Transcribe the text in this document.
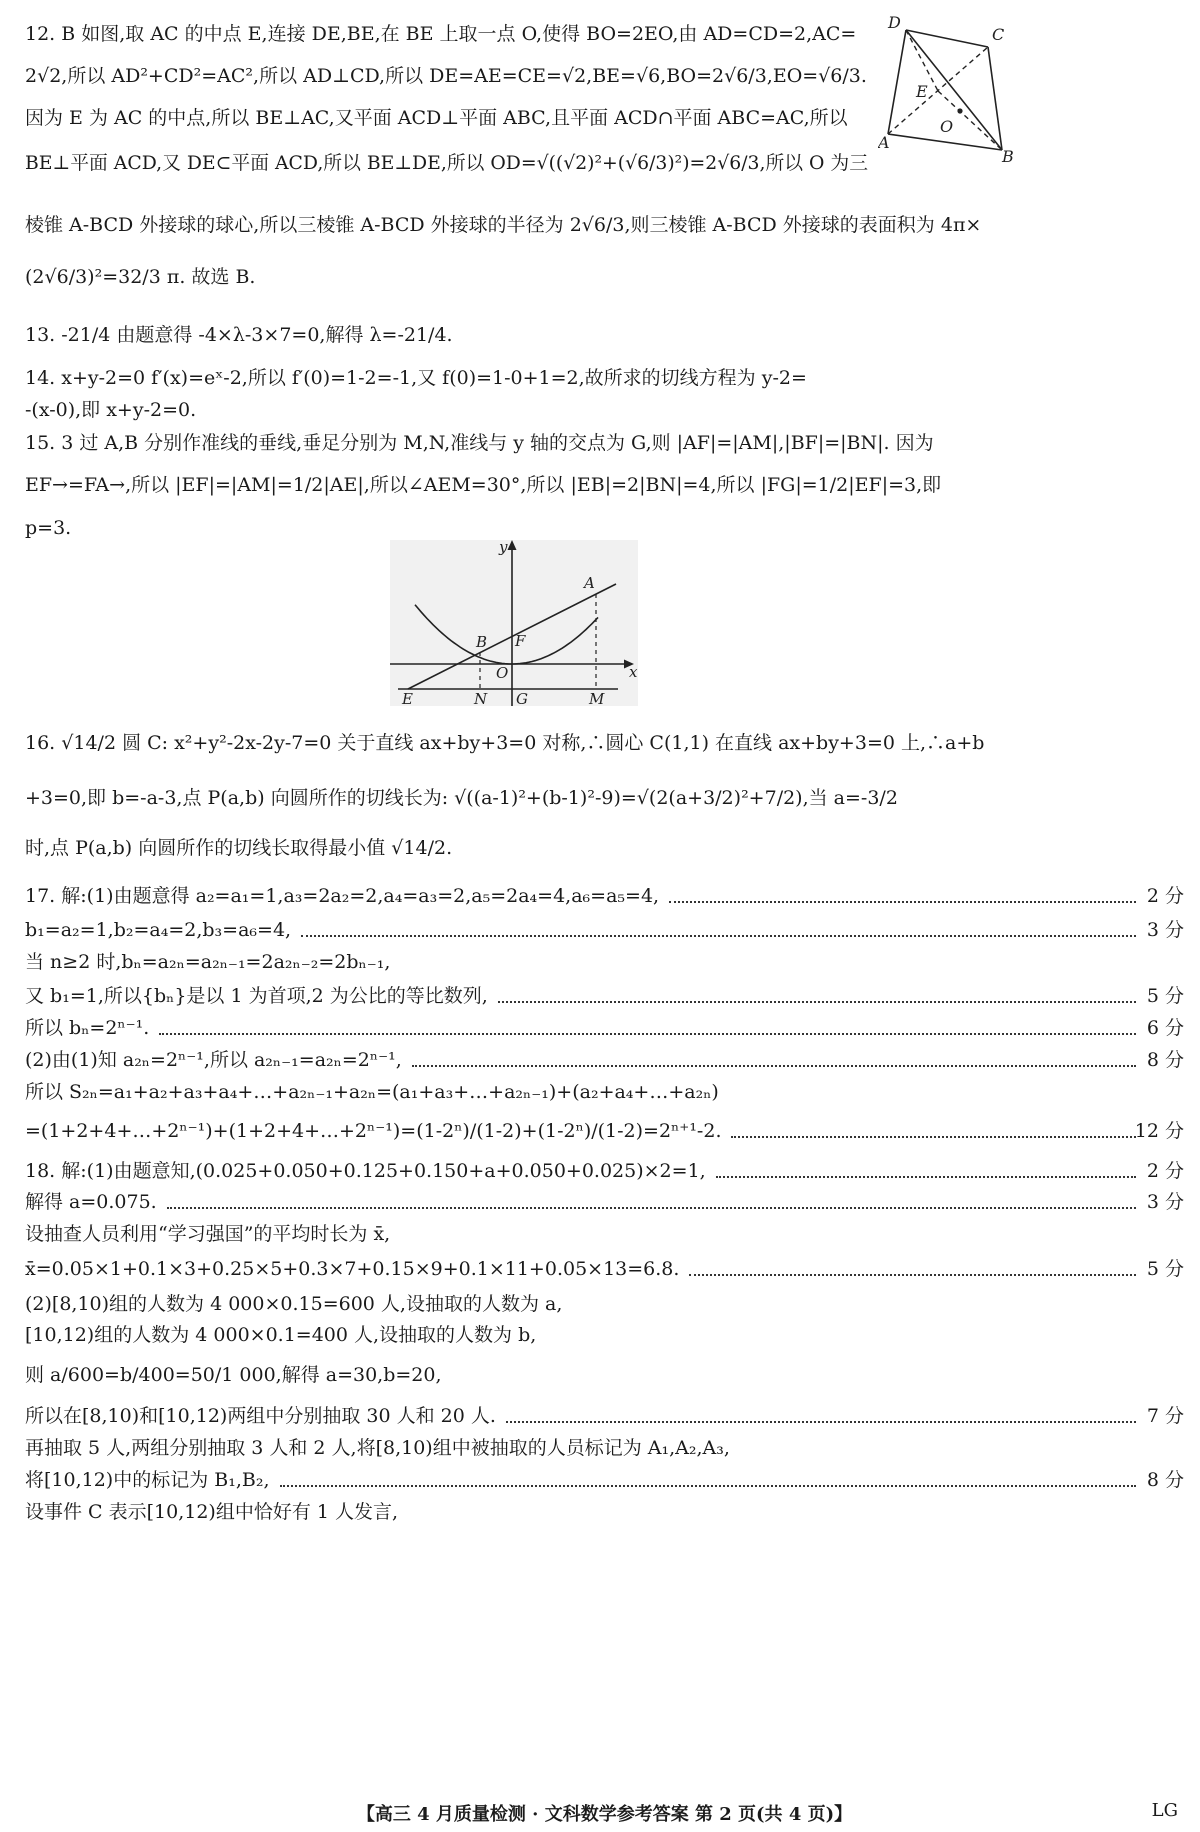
12. B 如图,取 AC 的中点 E,连接 DE,BE,在 BE 上取一点 O,使得 BO=2EO,由 AD=CD=2,AC=
2√2,所以 AD²+CD²=AC²,所以 AD⊥CD,所以 DE=AE=CE=√2,BE=√6,BO=2√6/3,EO=√6/3.
因为 E 为 AC 的中点,所以 BE⊥AC,又平面 ACD⊥平面 ABC,且平面 ACD∩平面 ABC=AC,所以
BE⊥平面 ACD,又 DE⊂平面 ACD,所以 BE⊥DE,所以 OD=√((√2)²+(√6/3)²)=2√6/3,所以 O 为三
棱锥 A-BCD 外接球的球心,所以三棱锥 A-BCD 外接球的半径为 2√6/3,则三棱锥 A-BCD 外接球的表面积为 4π×
(2√6/3)²=32/3 π. 故选 B.
13. -21/4 由题意得 -4×λ-3×7=0,解得 λ=-21/4.
14. x+y-2=0 f′(x)=eˣ-2,所以 f′(0)=1-2=-1,又 f(0)=1-0+1=2,故所求的切线方程为 y-2=
-(x-0),即 x+y-2=0.
15. 3 过 A,B 分别作准线的垂线,垂足分别为 M,N,准线与 y 轴的交点为 G,则 |AF|=|AM|,|BF|=|BN|. 因为
EF→=FA→,所以 |EF|=|AM|=1/2|AE|,所以∠AEM=30°,所以 |EB|=2|BN|=4,所以 |FG|=1/2|EF|=3,即
p=3.
16. √14/2 圆 C: x²+y²-2x-2y-7=0 关于直线 ax+by+3=0 对称,∴圆心 C(1,1) 在直线 ax+by+3=0 上,∴a+b
+3=0,即 b=-a-3,点 P(a,b) 向圆所作的切线长为: √((a-1)²+(b-1)²-9)=√(2(a+3/2)²+7/2),当 a=-3/2
时,点 P(a,b) 向圆所作的切线长取得最小值 √14/2.
17. 解:(1)由题意得 a₂=a₁=1,a₃=2a₂=2,a₄=a₃=2,a₅=2a₄=4,a₆=a₅=4,	2 分
b₁=a₂=1,b₂=a₄=2,b₃=a₆=4,	3 分
当 n≥2 时,bₙ=a₂ₙ=a₂ₙ₋₁=2a₂ₙ₋₂=2bₙ₋₁,
又 b₁=1,所以{bₙ}是以 1 为首项,2 为公比的等比数列,	5 分
所以 bₙ=2ⁿ⁻¹.	6 分
(2)由(1)知 a₂ₙ=2ⁿ⁻¹,所以 a₂ₙ₋₁=a₂ₙ=2ⁿ⁻¹,	8 分
所以 S₂ₙ=a₁+a₂+a₃+a₄+…+a₂ₙ₋₁+a₂ₙ=(a₁+a₃+…+a₂ₙ₋₁)+(a₂+a₄+…+a₂ₙ)
=(1+2+4+…+2ⁿ⁻¹)+(1+2+4+…+2ⁿ⁻¹)=(1-2ⁿ)/(1-2)+(1-2ⁿ)/(1-2)=2ⁿ⁺¹-2.	12 分
18. 解:(1)由题意知,(0.025+0.050+0.125+0.150+a+0.050+0.025)×2=1,	2 分
解得 a=0.075.	3 分
设抽查人员利用“学习强国”的平均时长为 x̄,
x̄=0.05×1+0.1×3+0.25×5+0.3×7+0.15×9+0.1×11+0.05×13=6.8.	5 分
(2)[8,10)组的人数为 4 000×0.15=600 人,设抽取的人数为 a,
[10,12)组的人数为 4 000×0.1=400 人,设抽取的人数为 b,
则 a/600=b/400=50/1 000,解得 a=30,b=20,
所以在[8,10)和[10,12)两组中分别抽取 30 人和 20 人.	7 分
再抽取 5 人,两组分别抽取 3 人和 2 人,将[8,10)组中被抽取的人员标记为 A₁,A₂,A₃,
将[10,12)中的标记为 B₁,B₂,	8 分
设事件 C 表示[10,12)组中恰好有 1 人发言,
D
C
A
B
E
O
y
x
A
B F
O
E	N G	M
【高三 4 月质量检测 · 文科数学参考答案 第 2 页(共 4 页)】	LG
